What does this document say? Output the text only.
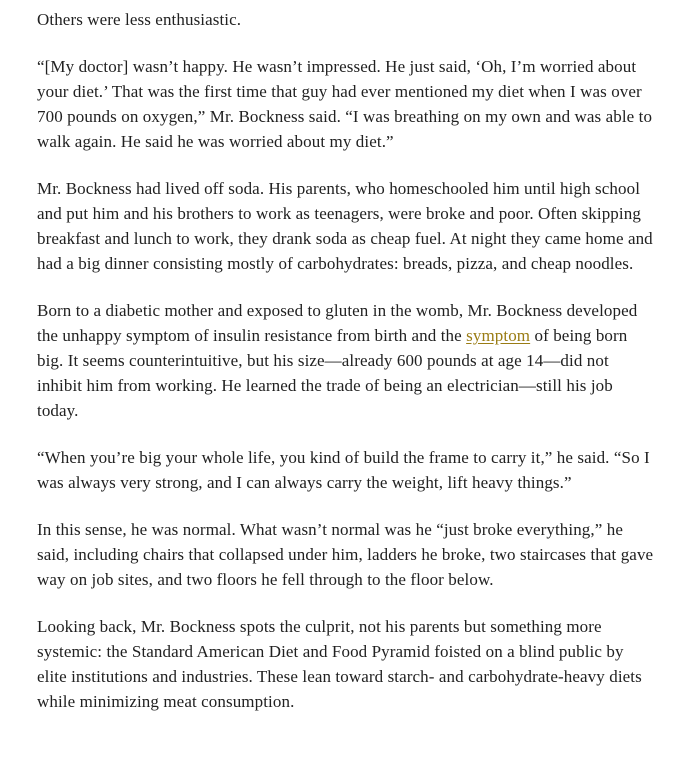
Others were less enthusiastic.

“[My doctor] wasn’t happy. He wasn’t impressed. He just said, ‘Oh, I’m worried about your diet.’ That was the first time that guy had ever mentioned my diet when I was over 700 pounds on oxygen,” Mr. Bockness said. “I was breathing on my own and was able to walk again. He said he was worried about my diet.”

Mr. Bockness had lived off soda. His parents, who homeschooled him until high school and put him and his brothers to work as teenagers, were broke and poor. Often skipping breakfast and lunch to work, they drank soda as cheap fuel. At night they came home and had a big dinner consisting mostly of carbohydrates: breads, pizza, and cheap noodles.

Born to a diabetic mother and exposed to gluten in the womb, Mr. Bockness developed the unhappy symptom of insulin resistance from birth and the symptom of being born big. It seems counterintuitive, but his size—already 600 pounds at age 14—did not inhibit him from working. He learned the trade of being an electrician—still his job today.

“When you’re big your whole life, you kind of build the frame to carry it,” he said. “So I was always very strong, and I can always carry the weight, lift heavy things.”

In this sense, he was normal. What wasn’t normal was he “just broke everything,” he said, including chairs that collapsed under him, ladders he broke, two staircases that gave way on job sites, and two floors he fell through to the floor below.

Looking back, Mr. Bockness spots the culprit, not his parents but something more systemic: the Standard American Diet and Food Pyramid foisted on a blind public by elite institutions and industries. These lean toward starch- and carbohydrate-heavy diets while minimizing meat consumption.
